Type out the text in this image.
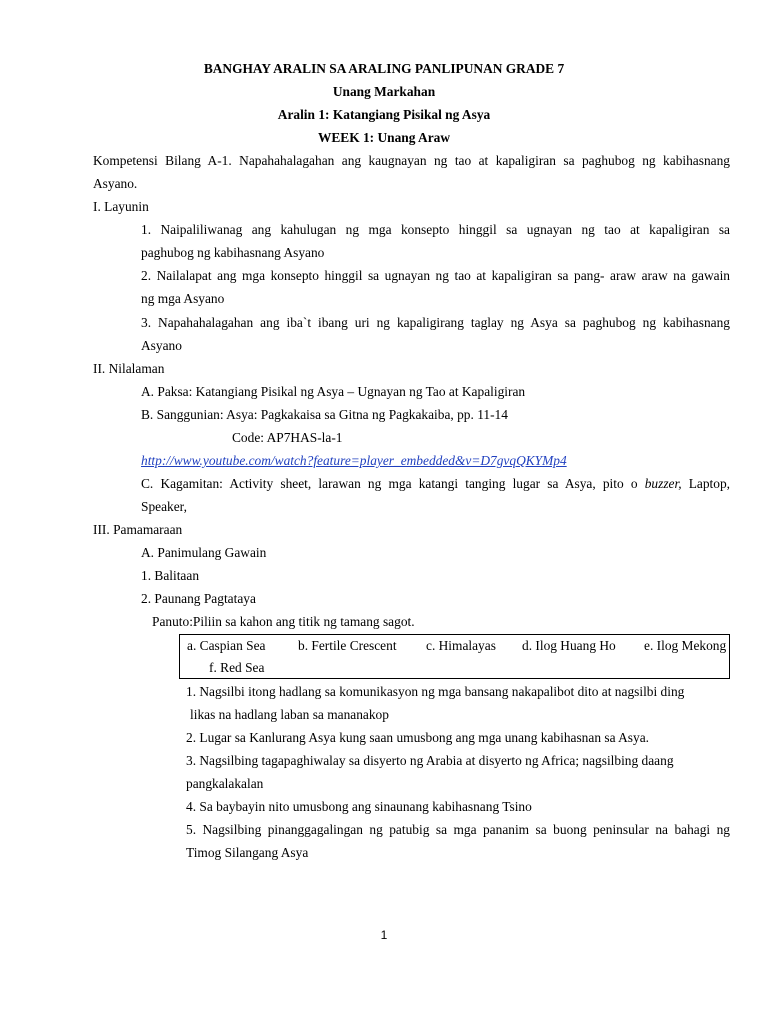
BANGHAY ARALIN SA ARALING PANLIPUNAN GRADE 7
Unang Markahan
Aralin 1: Katangiang Pisikal ng Asya
WEEK 1: Unang Araw
Kompetensi Bilang A-1. Napahahalagahan ang kaugnayan ng tao at kapaligiran sa paghubog ng kabihasnang
Asyano.
I. Layunin
1. Naipaliliwanag ang kahulugan ng mga konsepto hinggil sa ugnayan ng tao at kapaligiran sa
paghubog ng kabihasnang Asyano
2. Nailalapat ang mga konsepto hinggil sa ugnayan ng tao at kapaligiran sa pang- araw araw na gawain
ng mga Asyano
3. Napahahalagahan ang iba`t ibang uri ng kapaligirang taglay ng Asya sa paghubog ng kabihasnang
Asyano
II. Nilalaman
A. Paksa: Katangiang Pisikal ng Asya – Ugnayan ng Tao at Kapaligiran
B. Sanggunian: Asya: Pagkakaisa sa Gitna ng Pagkakaiba, pp. 11-14
Code: AP7HAS-la-1
http://www.youtube.com/watch?feature=player_embedded&v=D7gvqQKYMp4
C. Kagamitan: Activity sheet, larawan ng mga katangi tanging lugar sa Asya, pito o buzzer, Laptop,
Speaker,
III. Pamamaraan
A. Panimulang Gawain
1. Balitaan
2. Paunang Pagtataya
Panuto:Piliin sa kahon ang titik ng tamang sagot.
a. Caspian Sea b. Fertile Crescent c. Himalayas d. Ilog Huang Ho e. Ilog Mekong
f. Red Sea
1. Nagsilbi itong hadlang sa komunikasyon ng mga bansang nakapalibot dito at nagsilbi ding
likas na hadlang laban sa mananakop
2. Lugar sa Kanlurang Asya kung saan umusbong ang mga unang kabihasnan sa Asya.
3. Nagsilbing tagapaghiwalay sa disyerto ng Arabia at disyerto ng Africa; nagsilbing daang
pangkalakalan
4. Sa baybayin nito umusbong ang sinaunang kabihasnang Tsino
5. Nagsilbing pinanggagalingan ng patubig sa mga pananim sa buong peninsular na bahagi ng
Timog Silangang Asya
1
